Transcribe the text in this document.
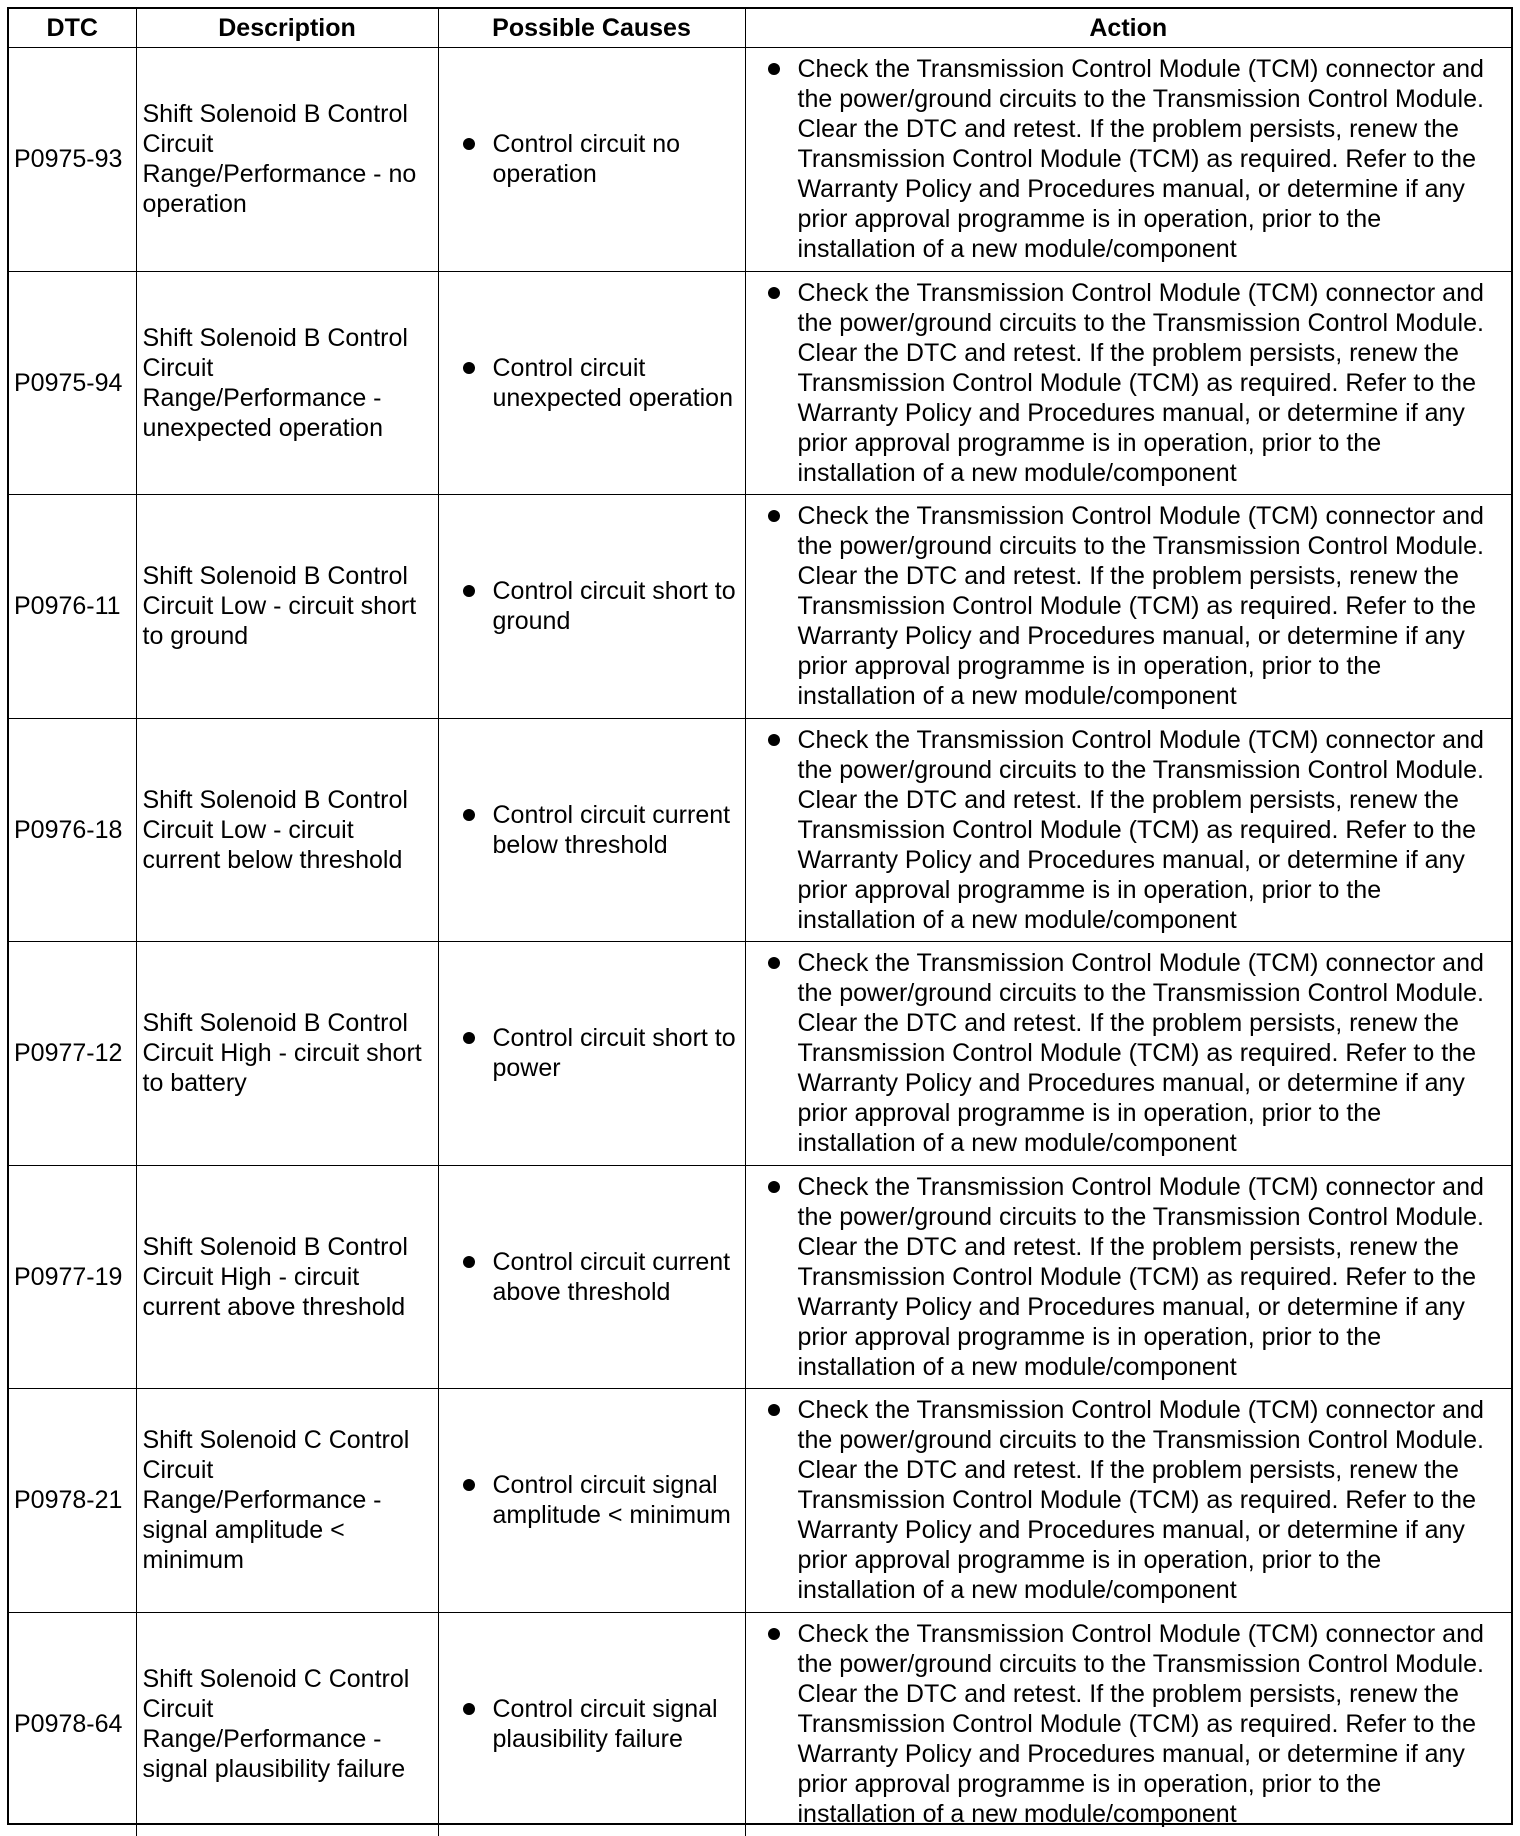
DTC	Description	Possible Causes	Action
P0975-93	Shift Solenoid B Control Circuit Range/Performance - no operation	Control circuit no operation	Check the Transmission Control Module (TCM) connector and the power/ground circuits to the Transmission Control Module. Clear the DTC and retest. If the problem persists, renew the Transmission Control Module (TCM) as required. Refer to the Warranty Policy and Procedures manual, or determine if any prior approval programme is in operation, prior to the installation of a new module/component

P0975-94	Shift Solenoid B Control Circuit Range/Performance - unexpected operation	Control circuit unexpected operation	Check the Transmission Control Module (TCM) connector and the power/ground circuits to the Transmission Control Module. Clear the DTC and retest. If the problem persists, renew the Transmission Control Module (TCM) as required. Refer to the Warranty Policy and Procedures manual, or determine if any prior approval programme is in operation, prior to the installation of a new module/component

P0976-11	Shift Solenoid B Control Circuit Low - circuit short to ground	Control circuit short to ground	Check the Transmission Control Module (TCM) connector and the power/ground circuits to the Transmission Control Module. Clear the DTC and retest. If the problem persists, renew the Transmission Control Module (TCM) as required. Refer to the Warranty Policy and Procedures manual, or determine if any prior approval programme is in operation, prior to the installation of a new module/component

P0976-18	Shift Solenoid B Control Circuit Low - circuit current below threshold	Control circuit current below threshold	Check the Transmission Control Module (TCM) connector and the power/ground circuits to the Transmission Control Module. Clear the DTC and retest. If the problem persists, renew the Transmission Control Module (TCM) as required. Refer to the Warranty Policy and Procedures manual, or determine if any prior approval programme is in operation, prior to the installation of a new module/component

P0977-12	Shift Solenoid B Control Circuit High - circuit short to battery	Control circuit short to power	Check the Transmission Control Module (TCM) connector and the power/ground circuits to the Transmission Control Module. Clear the DTC and retest. If the problem persists, renew the Transmission Control Module (TCM) as required. Refer to the Warranty Policy and Procedures manual, or determine if any prior approval programme is in operation, prior to the installation of a new module/component

P0977-19	Shift Solenoid B Control Circuit High - circuit current above threshold	Control circuit current above threshold	Check the Transmission Control Module (TCM) connector and the power/ground circuits to the Transmission Control Module. Clear the DTC and retest. If the problem persists, renew the Transmission Control Module (TCM) as required. Refer to the Warranty Policy and Procedures manual, or determine if any prior approval programme is in operation, prior to the installation of a new module/component

P0978-21	Shift Solenoid C Control Circuit Range/Performance - signal amplitude < minimum	Control circuit signal amplitude < minimum	Check the Transmission Control Module (TCM) connector and the power/ground circuits to the Transmission Control Module. Clear the DTC and retest. If the problem persists, renew the Transmission Control Module (TCM) as required. Refer to the Warranty Policy and Procedures manual, or determine if any prior approval programme is in operation, prior to the installation of a new module/component

P0978-64	Shift Solenoid C Control Circuit Range/Performance - signal plausibility failure	Control circuit signal plausibility failure	Check the Transmission Control Module (TCM) connector and the power/ground circuits to the Transmission Control Module. Clear the DTC and retest. If the problem persists, renew the Transmission Control Module (TCM) as required. Refer to the Warranty Policy and Procedures manual, or determine if any prior approval programme is in operation, prior to the installation of a new module/component
